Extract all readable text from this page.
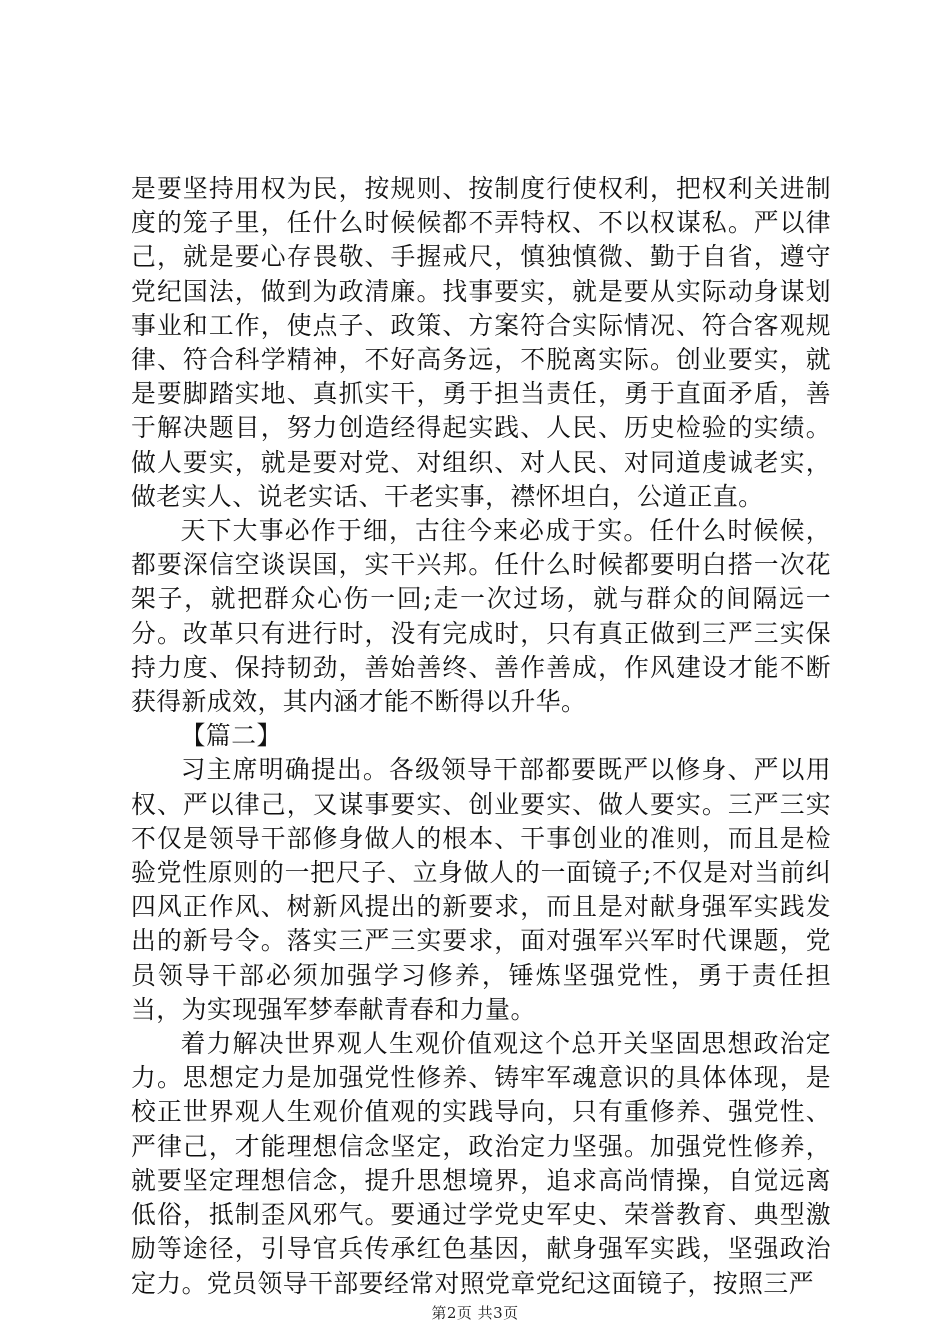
是要坚持用权为民，按规则、按制度行使权利，把权利关进制度的笼子里，任什么时候候都不弄特权、不以权谋私。严以律己，就是要心存畏敬、手握戒尺，慎独慎微、勤于自省，遵守党纪国法，做到为政清廉。找事要实，就是要从实际动身谋划事业和工作，使点子、政策、方案符合实际情况、符合客观规律、符合科学精神，不好高务远，不脱离实际。创业要实，就是要脚踏实地、真抓实干，勇于担当责任，勇于直面矛盾，善于解决题目，努力创造经得起实践、人民、历史检验的实绩。做人要实，就是要对党、对组织、对人民、对同道虔诚老实，做老实人、说老实话、干老实事，襟怀坦白，公道正直。

天下大事必作于细，古往今来必成于实。任什么时候候，都要深信空谈误国，实干兴邦。任什么时候都要明白搭一次花架子，就把群众心伤一回;走一次过场，就与群众的间隔远一分。改革只有进行时，没有完成时，只有真正做到三严三实保持力度、保持韧劲，善始善终、善作善成，作风建设才能不断获得新成效，其内涵才能不断得以升华。

【篇二】

习主席明确提出。各级领导干部都要既严以修身、严以用权、严以律己，又谋事要实、创业要实、做人要实。三严三实不仅是领导干部修身做人的根本、干事创业的准则，而且是检验党性原则的一把尺子、立身做人的一面镜子;不仅是对当前纠四风正作风、树新风提出的新要求，而且是对献身强军实践发出的新号令。落实三严三实要求，面对强军兴军时代课题，党员领导干部必须加强学习修养，锤炼坚强党性，勇于责任担当，为实现强军梦奉献青春和力量。

着力解决世界观人生观价值观这个总开关坚固思想政治定力。思想定力是加强党性修养、铸牢军魂意识的具体体现，是校正世界观人生观价值观的实践导向，只有重修养、强党性、严律己，才能理想信念坚定，政治定力坚强。加强党性修养，就要坚定理想信念，提升思想境界，追求高尚情操，自觉远离低俗，抵制歪风邪气。要通过学党史军史、荣誉教育、典型激励等途径，引导官兵传承红色基因，献身强军实践，坚强政治定力。党员领导干部要经常对照党章党纪这面镜子，按照三严

第2页 共3页
